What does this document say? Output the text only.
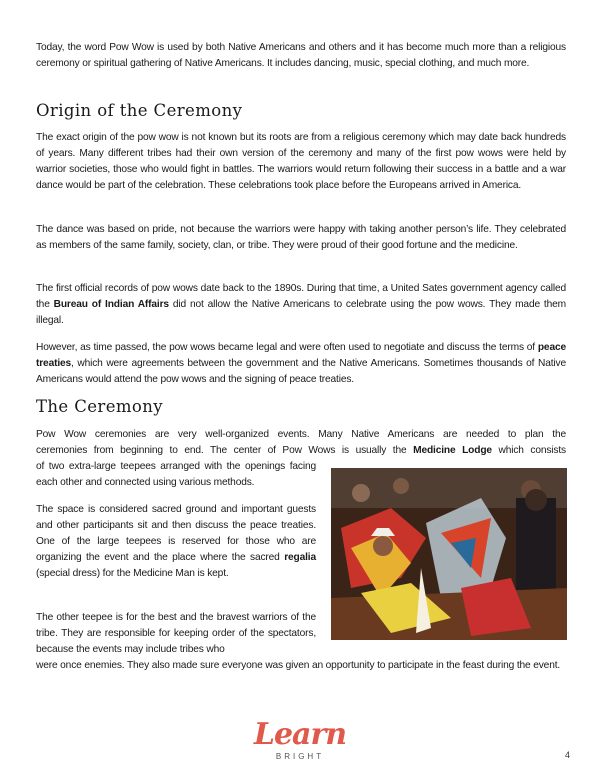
Today, the word Pow Wow is used by both Native Americans and others and it has become much more than a religious ceremony or spiritual gathering of Native Americans. It includes dancing, music, special clothing, and much more.

Origin of the Ceremony

The exact origin of the pow wow is not known but its roots are from a religious ceremony which may date back hundreds of years. Many different tribes had their own version of the ceremony and many of the first pow wows were held by warrior societies, those who would fight in battles. The warriors would return following their success in a battle and a war dance would be part of the celebration. These celebrations took place before the Europeans arrived in America.

The dance was based on pride, not because the warriors were happy with taking another person’s life. They celebrated as members of the same family, society, clan, or tribe. They were proud of their good fortune and the medicine.

The first official records of pow wows date back to the 1890s. During that time, a United Sates government agency called the Bureau of Indian Affairs did not allow the Native Americans to celebrate using the pow wows. They made them illegal.

However, as time passed, the pow wows became legal and were often used to negotiate and discuss the terms of peace treaties, which were agreements between the government and the Native Americans. Sometimes thousands of Native Americans would attend the pow wows and the signing of peace treaties.

The Ceremony

Pow Wow ceremonies are very well-organized events. Many Native Americans are needed to plan the
ceremonies from beginning to end. The center of Pow Wows is usually the Medicine Lodge which consists

of two extra-large teepees arranged with the openings facing each other and connected using various methods.

The space is considered sacred ground and important guests and other participants sit and then discuss the peace treaties. One of the large teepees is reserved for those who are organizing the event and the place where the sacred regalia (special dress) for the Medicine Man is kept.

The other teepee is for the best and the bravest warriors of the tribe. They are responsible for keeping order of the spectators, because the events may include tribes who

were once enemies. They also made sure everyone was given an opportunity to participate in the feast during the event.

Learn
BRIGHT	4
